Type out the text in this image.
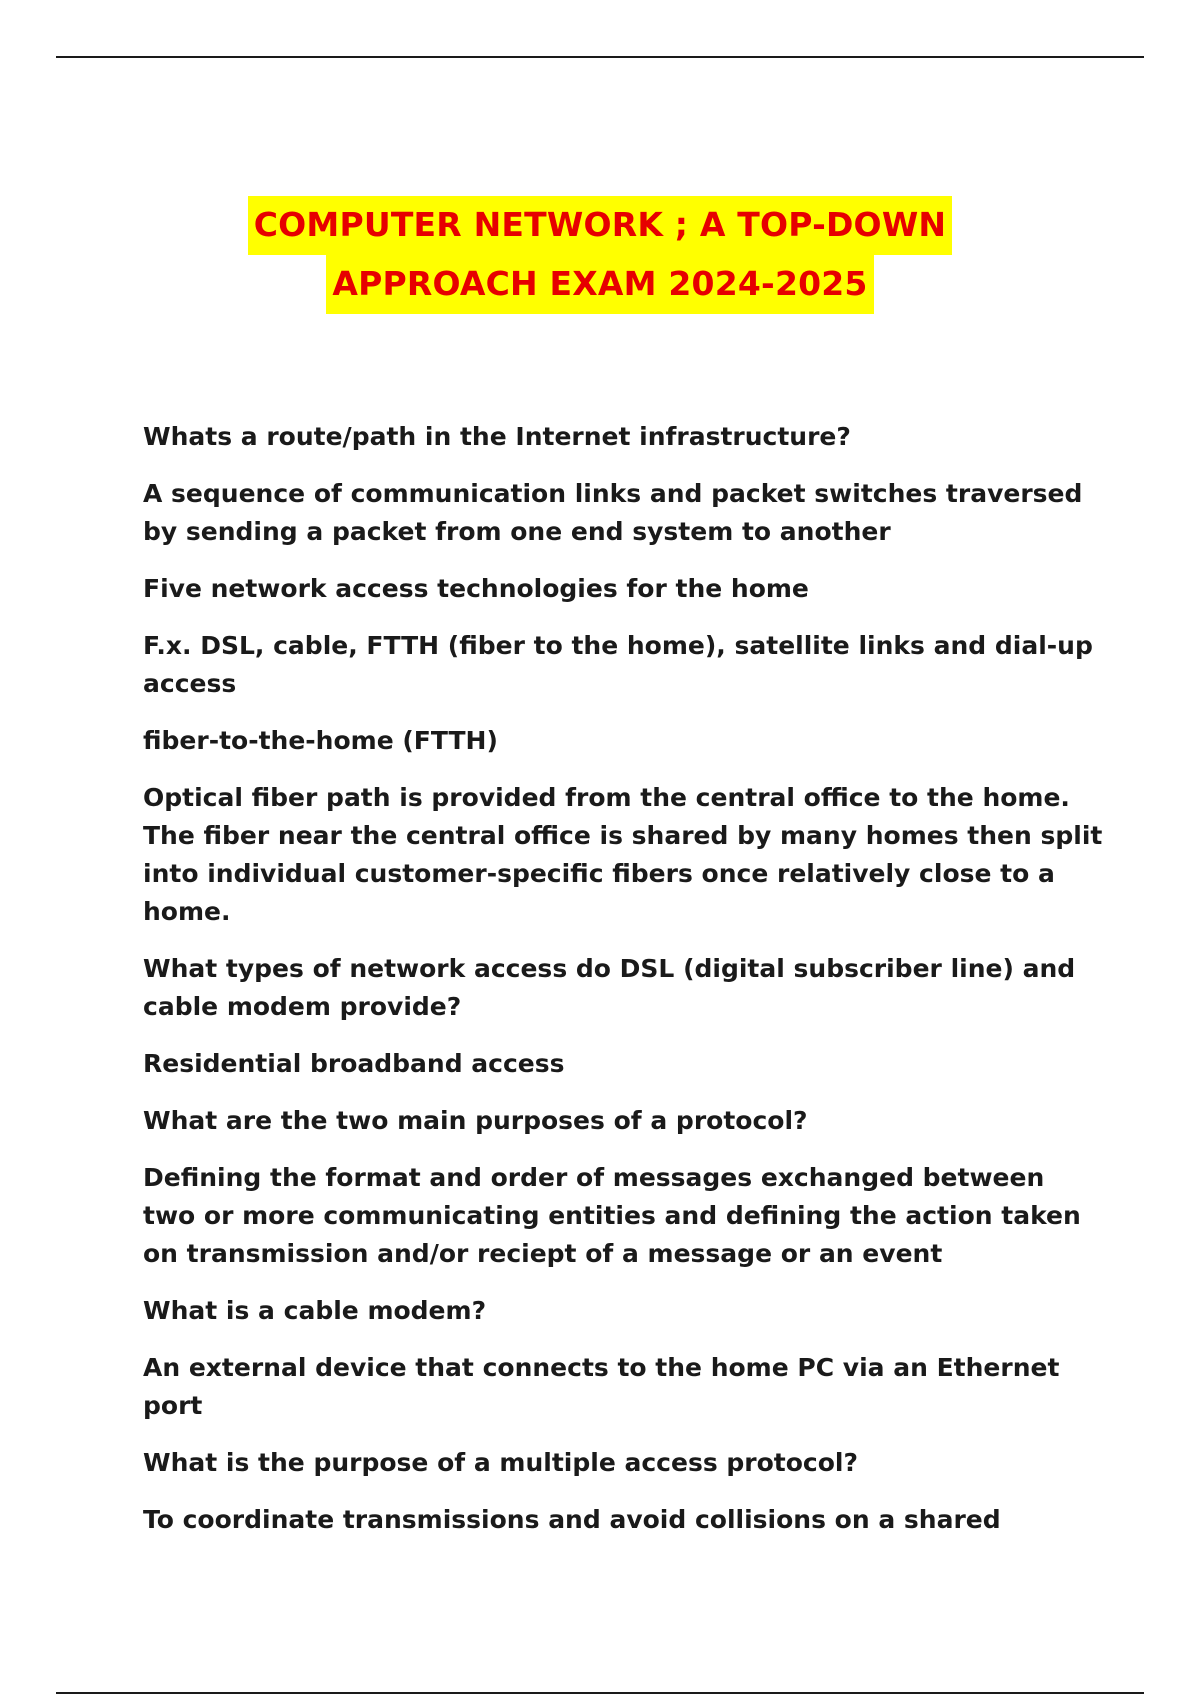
COMPUTER NETWORK ; A TOP-DOWN
APPROACH EXAM 2024-2025

Whats a route/path in the Internet infrastructure?

A sequence of communication links and packet switches traversed by sending a packet from one end system to another

Five network access technologies for the home

F.x. DSL, cable, FTTH (fiber to the home), satellite links and dial-up access

fiber-to-the-home (FTTH)

Optical fiber path is provided from the central office to the home. The fiber near the central office is shared by many homes then split into individual customer-specific fibers once relatively close to a home.

What types of network access do DSL (digital subscriber line) and cable modem provide?

Residential broadband access

What are the two main purposes of a protocol?

Defining the format and order of messages exchanged between two or more communicating entities and defining the action taken on transmission and/or reciept of a message or an event

What is a cable modem?

An external device that connects to the home PC via an Ethernet port

What is the purpose of a multiple access protocol?

To coordinate transmissions and avoid collisions on a shared
